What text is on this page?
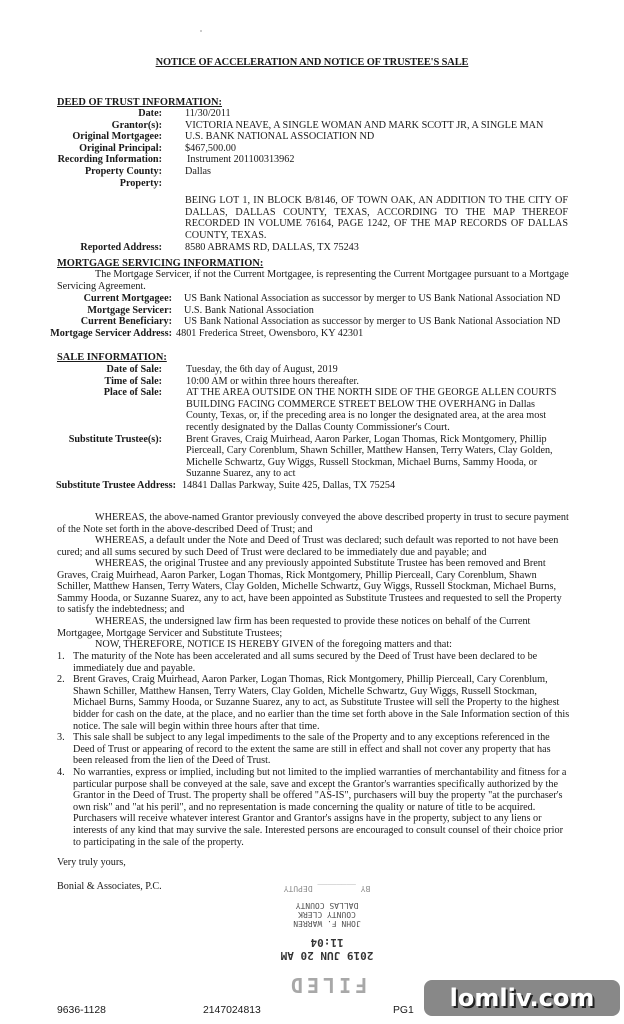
NOTICE OF ACCELERATION AND NOTICE OF TRUSTEE'S SALE
DEED OF TRUST INFORMATION:
Date: 11/30/2011
Grantor(s): VICTORIA NEAVE, A SINGLE WOMAN AND MARK SCOTT JR, A SINGLE MAN
Original Mortgagee: U.S. BANK NATIONAL ASSOCIATION ND
Original Principal: $467,500.00
Recording Information: Instrument 201100313962
Property County: Dallas
Property:
BEING LOT 1, IN BLOCK B/8146, OF TOWN OAK, AN ADDITION TO THE CITY OF DALLAS, DALLAS COUNTY, TEXAS, ACCORDING TO THE MAP THEREOF RECORDED IN VOLUME 76164, PAGE 1242, OF THE MAP RECORDS OF DALLAS COUNTY, TEXAS.
Reported Address: 8580 ABRAMS RD, DALLAS, TX 75243
MORTGAGE SERVICING INFORMATION:
The Mortgage Servicer, if not the Current Mortgagee, is representing the Current Mortgagee pursuant to a Mortgage Servicing Agreement.
Current Mortgagee: US Bank National Association as successor by merger to US Bank National Association ND
Mortgage Servicer: U.S. Bank National Association
Current Beneficiary: US Bank National Association as successor by merger to US Bank National Association ND
Mortgage Servicer Address: 4801 Frederica Street, Owensboro, KY 42301
SALE INFORMATION:
Date of Sale: Tuesday, the 6th day of August, 2019
Time of Sale: 10:00 AM or within three hours thereafter.
Place of Sale: AT THE AREA OUTSIDE ON THE NORTH SIDE OF THE GEORGE ALLEN COURTS BUILDING FACING COMMERCE STREET BELOW THE OVERHANG in Dallas County, Texas, or, if the preceding area is no longer the designated area, at the area most recently designated by the Dallas County Commissioner's Court.
Substitute Trustee(s): Brent Graves, Craig Muirhead, Aaron Parker, Logan Thomas, Rick Montgomery, Phillip Pierceall, Cary Corenblum, Shawn Schiller, Matthew Hansen, Terry Waters, Clay Golden, Michelle Schwartz, Guy Wiggs, Russell Stockman, Michael Burns, Sammy Hooda, or Suzanne Suarez, any to act
Substitute Trustee Address: 14841 Dallas Parkway, Suite 425, Dallas, TX 75254
WHEREAS, the above-named Grantor previously conveyed the above described property in trust to secure payment of the Note set forth in the above-described Deed of Trust; and
WHEREAS, a default under the Note and Deed of Trust was declared; such default was reported to not have been cured; and all sums secured by such Deed of Trust were declared to be immediately due and payable; and
WHEREAS, the original Trustee and any previously appointed Substitute Trustee has been removed and Brent Graves, Craig Muirhead, Aaron Parker, Logan Thomas, Rick Montgomery, Phillip Pierceall, Cary Corenblum, Shawn Schiller, Matthew Hansen, Terry Waters, Clay Golden, Michelle Schwartz, Guy Wiggs, Russell Stockman, Michael Burns, Sammy Hooda, or Suzanne Suarez, any to act, have been appointed as Substitute Trustees and requested to sell the Property to satisfy the indebtedness; and
WHEREAS, the undersigned law firm has been requested to provide these notices on behalf of the Current Mortgagee, Mortgage Servicer and Substitute Trustees;
NOW, THEREFORE, NOTICE IS HEREBY GIVEN of the foregoing matters and that:
1. The maturity of the Note has been accelerated and all sums secured by the Deed of Trust have been declared to be immediately due and payable.
2. Brent Graves, Craig Muirhead, Aaron Parker, Logan Thomas, Rick Montgomery, Phillip Pierceall, Cary Corenblum, Shawn Schiller, Matthew Hansen, Terry Waters, Clay Golden, Michelle Schwartz, Guy Wiggs, Russell Stockman, Michael Burns, Sammy Hooda, or Suzanne Suarez, any to act, as Substitute Trustee will sell the Property to the highest bidder for cash on the date, at the place, and no earlier than the time set forth above in the Sale Information section of this notice. The sale will begin within three hours after that time.
3. This sale shall be subject to any legal impediments to the sale of the Property and to any exceptions referenced in the Deed of Trust or appearing of record to the extent the same are still in effect and shall not cover any property that has been released from the lien of the Deed of Trust.
4. No warranties, express or implied, including but not limited to the implied warranties of merchantability and fitness for a particular purpose shall be conveyed at the sale, save and except the Grantor's warranties specifically authorized by the Grantor in the Deed of Trust. The property shall be offered "AS-IS", purchasers will buy the property "at the purchaser's own risk" and "at his peril", and no representation is made concerning the quality or nature of title to be acquired. Purchasers will receive whatever interest Grantor and Grantor's assigns have in the property, subject to any liens or interests of any kind that may survive the sale. Interested persons are encouraged to consult counsel of their choice prior to participating in the sale of the property.
Very truly yours,
Bonial & Associates, P.C.
FILED
2019 JUN 20 AM 11:04
JOHN F. WARREN
COUNTY CLERK
DALLAS COUNTY
BY ________ DEPUTY
9636-1128	2147024813	PG1	lomliv.com
